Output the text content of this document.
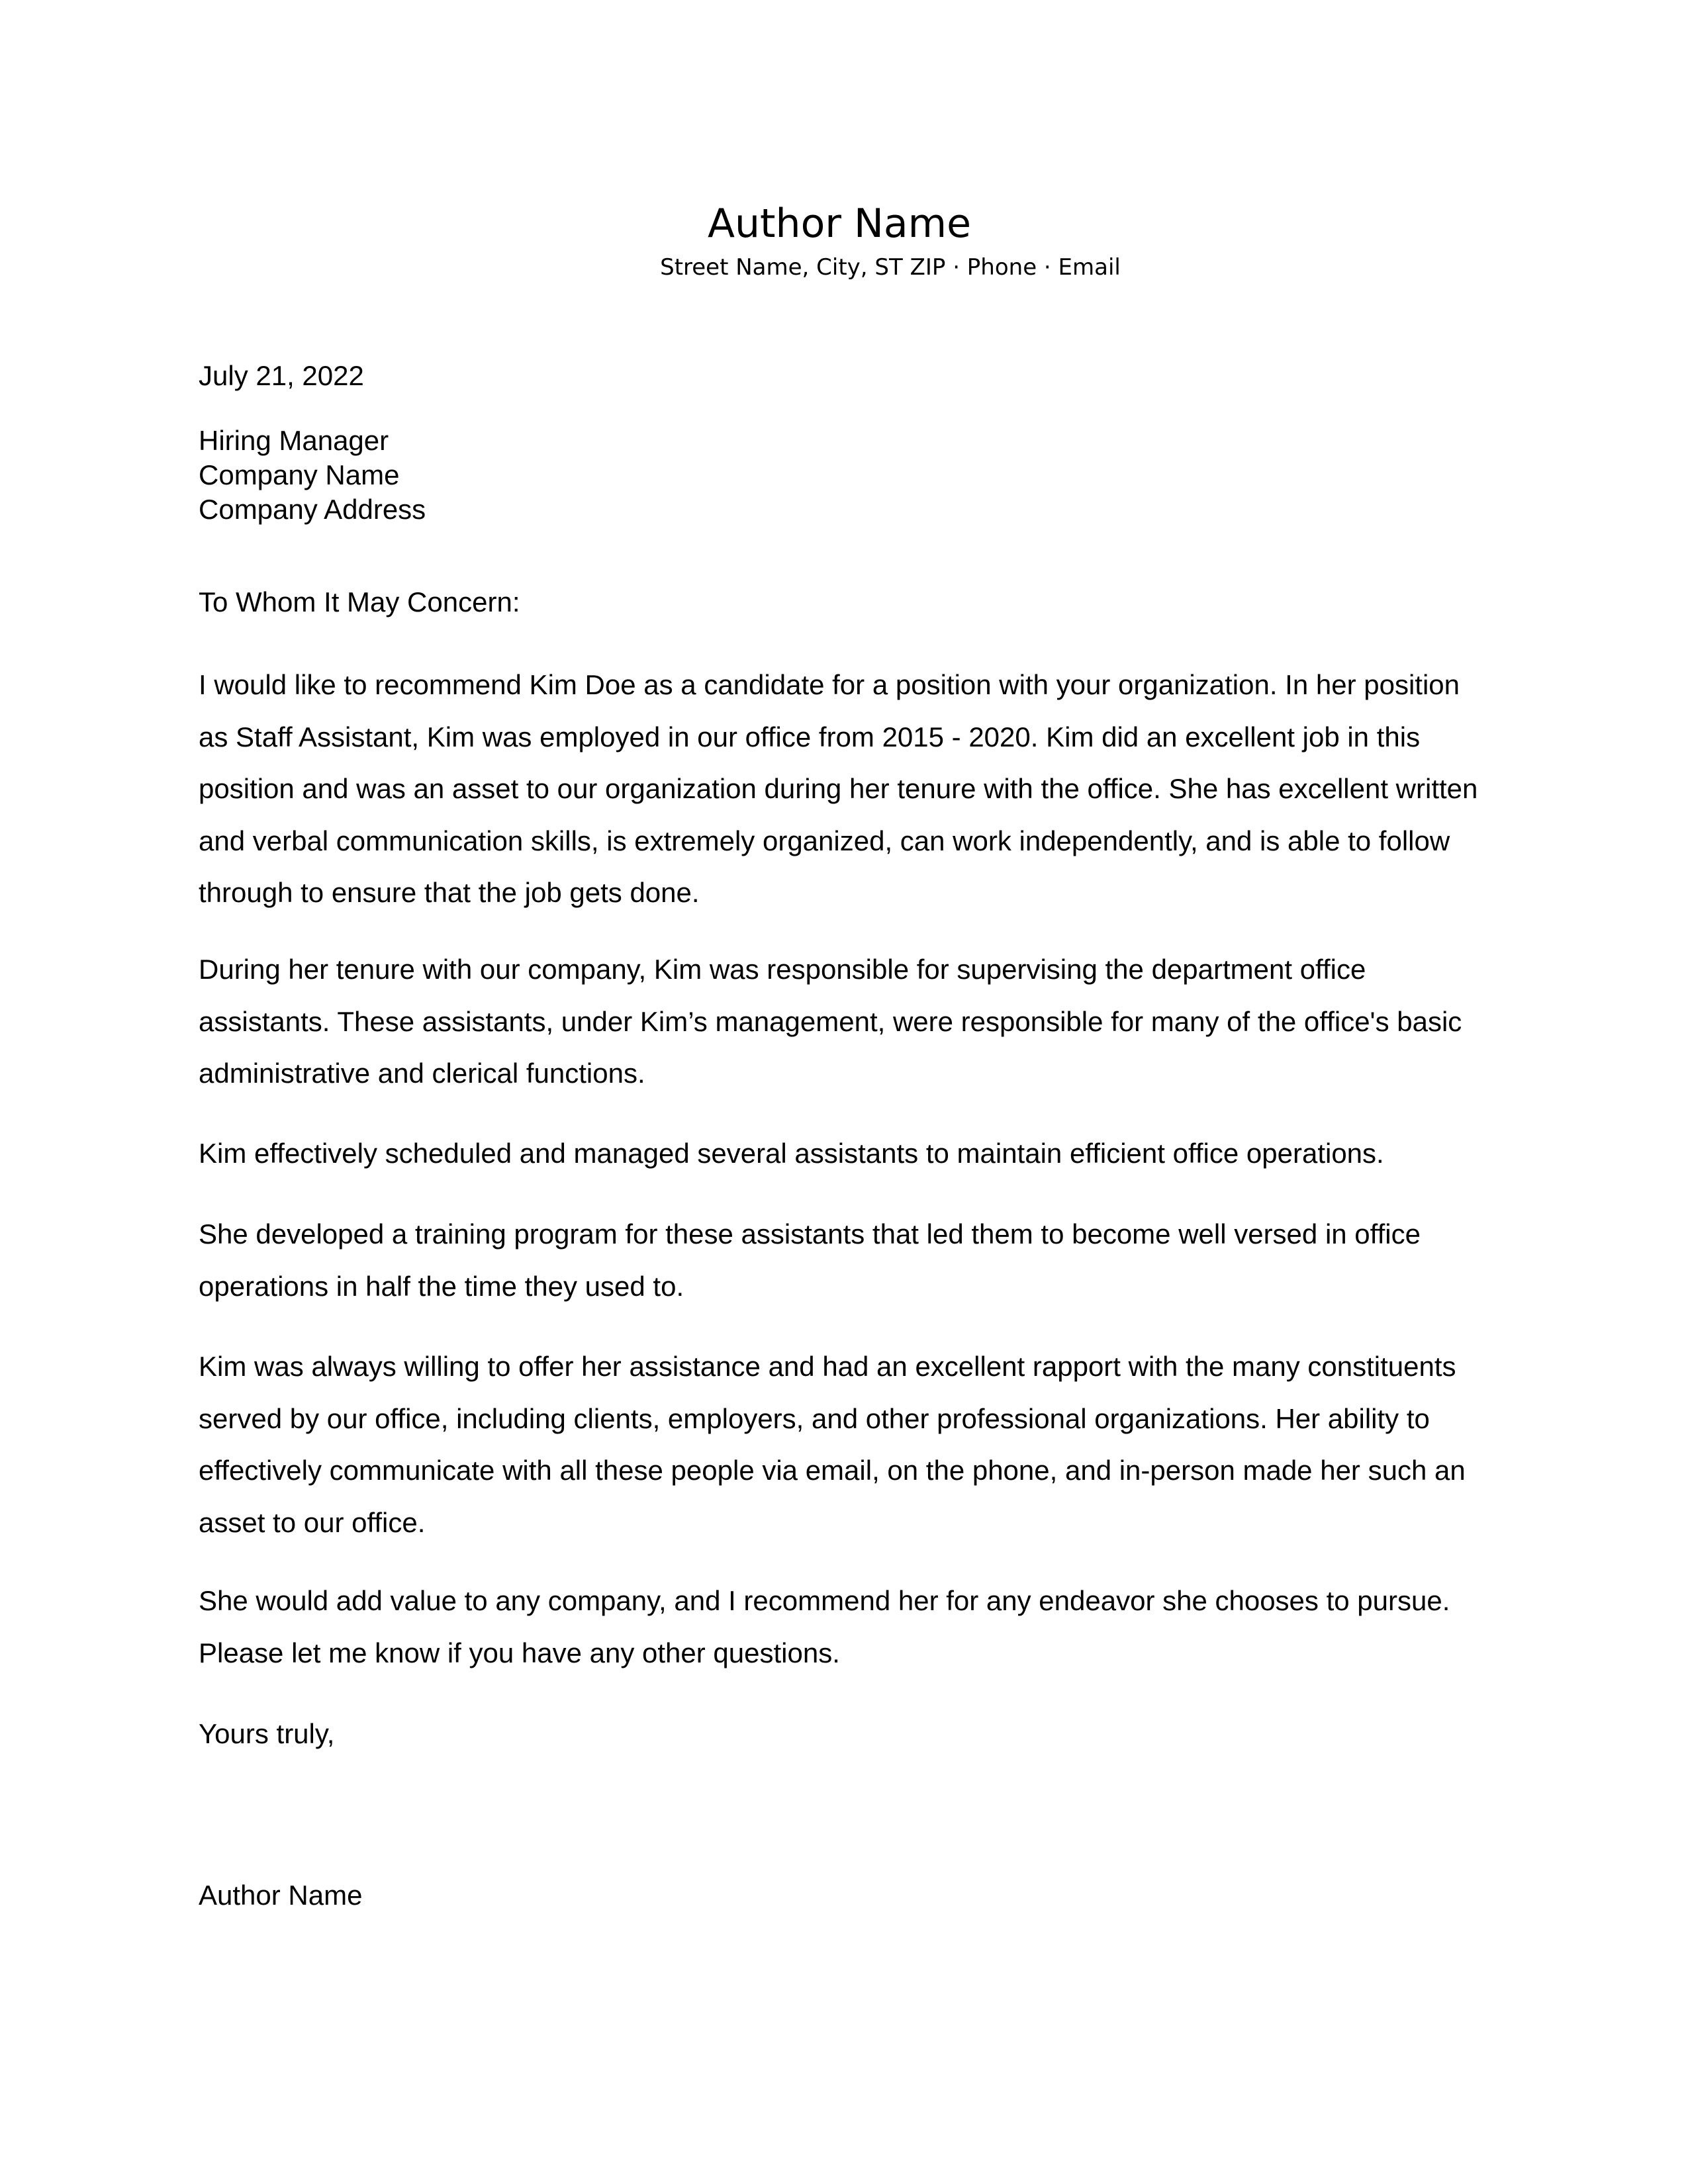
Author Name
Street Name, City, ST ZIP · Phone · Email
July 21, 2022
Hiring Manager
Company Name
Company Address
To Whom It May Concern:

I would like to recommend Kim Doe as a candidate for a position with your organization. In her position as Staff Assistant, Kim was employed in our office from 2015 - 2020. Kim did an excellent job in this position and was an asset to our organization during her tenure with the office. She has excellent written and verbal communication skills, is extremely organized, can work independently, and is able to follow through to ensure that the job gets done.

During her tenure with our company, Kim was responsible for supervising the department office assistants. These assistants, under Kim’s management, were responsible for many of the office's basic administrative and clerical functions.

Kim effectively scheduled and managed several assistants to maintain efficient office operations.

She developed a training program for these assistants that led them to become well versed in office operations in half the time they used to.

Kim was always willing to offer her assistance and had an excellent rapport with the many constituents served by our office, including clients, employers, and other professional organizations. Her ability to effectively communicate with all these people via email, on the phone, and in-person made her such an asset to our office.

She would add value to any company, and I recommend her for any endeavor she chooses to pursue. Please let me know if you have any other questions.

Yours truly,
Author Name
